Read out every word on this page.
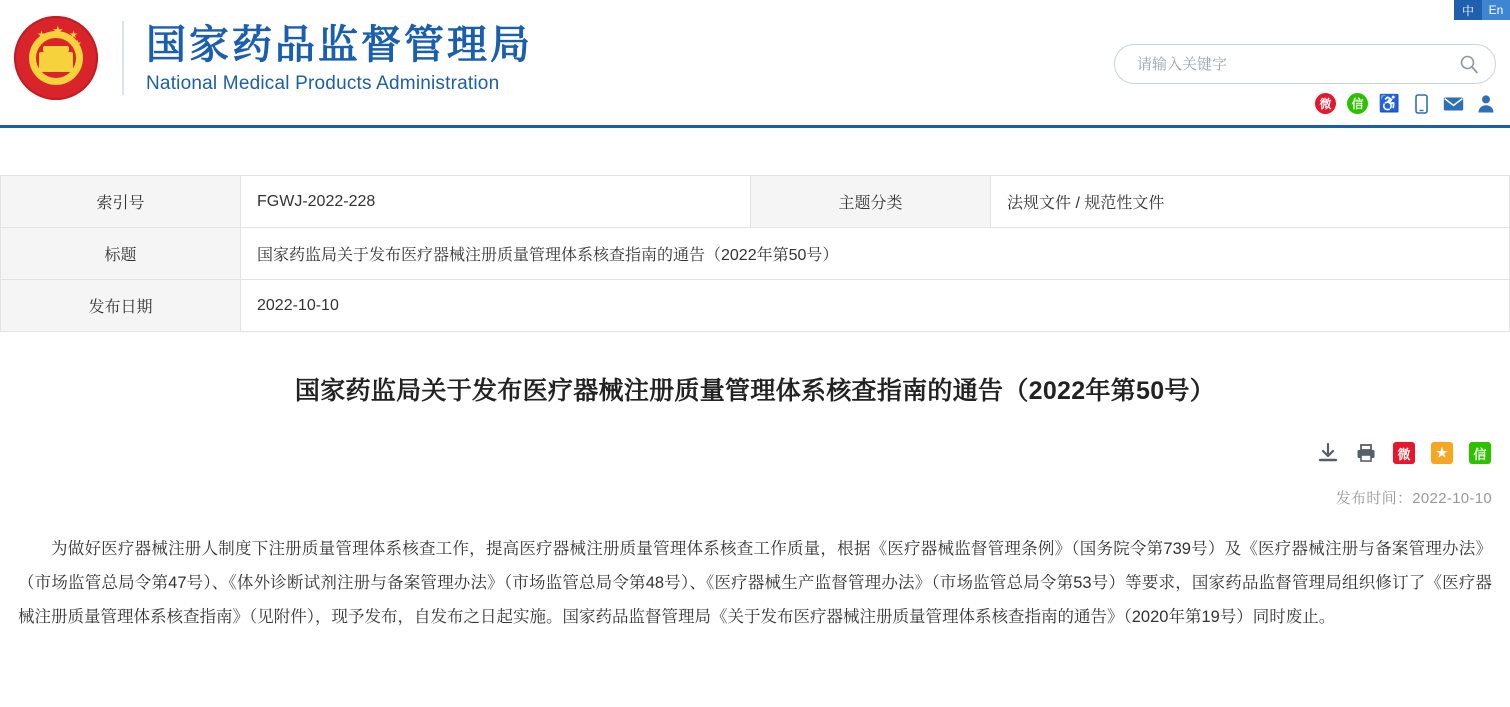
中	En
★
★
★
★
★ 国家药品监督管理局
National Medical Products Administration
请输入关键字
微	信 ♿
索引号	FGWJ-2022-228	主题分类	法规文件 / 规范性文件
标题	国家药监局关于发布医疗器械注册质量管理体系核查指南的通告（2022年第50号）		
发布日期	2022-10-10		
国家药监局关于发布医疗器械注册质量管理体系核查指南的通告（2022年第50号）
微	★	信
发布时间：2022-10-10

为做好医疗器械注册人制度下注册质量管理体系核查工作，提高医疗器械注册质量管理体系核查工作质量，根据《医疗器械监督管理条例》（国务院令第739号）及《医疗器械注册与备案管理办法》（市场监管总局令第47号）、《体外诊断试剂注册与备案管理办法》（市场监管总局令第48号）、《医疗器械生产监督管理办法》（市场监管总局令第53号）等要求，国家药品监督管理局组织修订了《医疗器械注册质量管理体系核查指南》（见附件），现予发布，自发布之日起实施。国家药品监督管理局《关于发布医疗器械注册质量管理体系核查指南的通告》（2020年第19号）同时废止。
